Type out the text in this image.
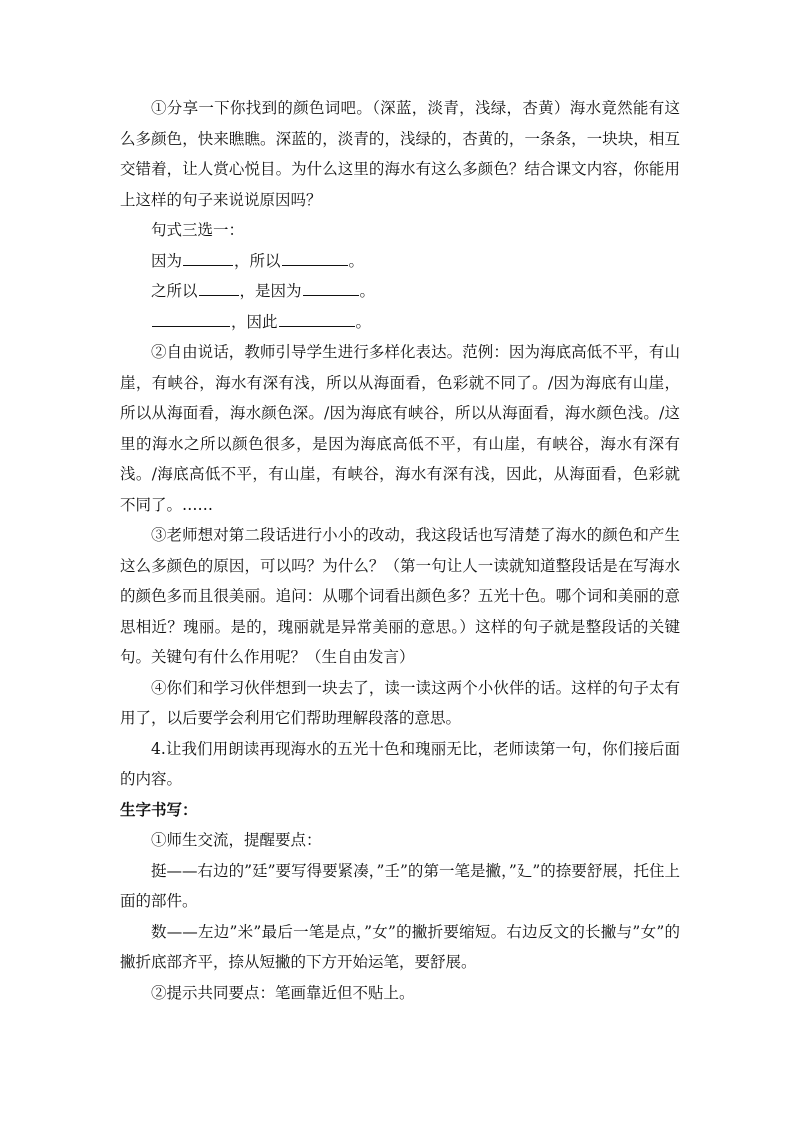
①分享一下你找到的颜色词吧。（深蓝，淡青，浅绿，杏黄）海水竟然能有这么多颜色，快来瞧瞧。深蓝的，淡青的，浅绿的，杏黄的，一条条，一块块，相互交错着，让人赏心悦目。为什么这里的海水有这么多颜色？结合课文内容，你能用上这样的句子来说说原因吗？

句式三选一：

因为	，所以	。

之所以	，是因为	。

，因此	。

②自由说话，教师引导学生进行多样化表达。范例：因为海底高低不平，有山崖，有峡谷，海水有深有浅，所以从海面看，色彩就不同了。/因为海底有山崖，所以从海面看，海水颜色深。/因为海底有峡谷，所以从海面看，海水颜色浅。/这里的海水之所以颜色很多，是因为海底高低不平，有山崖，有峡谷，海水有深有浅。/海底高低不平，有山崖，有峡谷，海水有深有浅，因此，从海面看，色彩就不同了。……

③老师想对第二段话进行小小的改动，我这段话也写清楚了海水的颜色和产生这么多颜色的原因，可以吗？为什么？（第一句让人一读就知道整段话是在写海水的颜色多而且很美丽。追问：从哪个词看出颜色多？五光十色。哪个词和美丽的意思相近？瑰丽。是的，瑰丽就是异常美丽的意思。）这样的句子就是整段话的关键句。关键句有什么作用呢？（生自由发言）

④你们和学习伙伴想到一块去了，读一读这两个小伙伴的话。这样的句子太有用了，以后要学会利用它们帮助理解段落的意思。

4.让我们用朗读再现海水的五光十色和瑰丽无比，老师读第一句，你们接后面的内容。

生字书写：

①师生交流，提醒要点：

挺——右边的”廷”要写得要紧凑，”壬”的第一笔是撇，”廴”的捺要舒展，托住上面的部件。

数——左边”米”最后一笔是点，”女”的撇折要缩短。右边反文的长撇与”女”的撇折底部齐平，捺从短撇的下方开始运笔，要舒展。

②提示共同要点：笔画靠近但不贴上。
